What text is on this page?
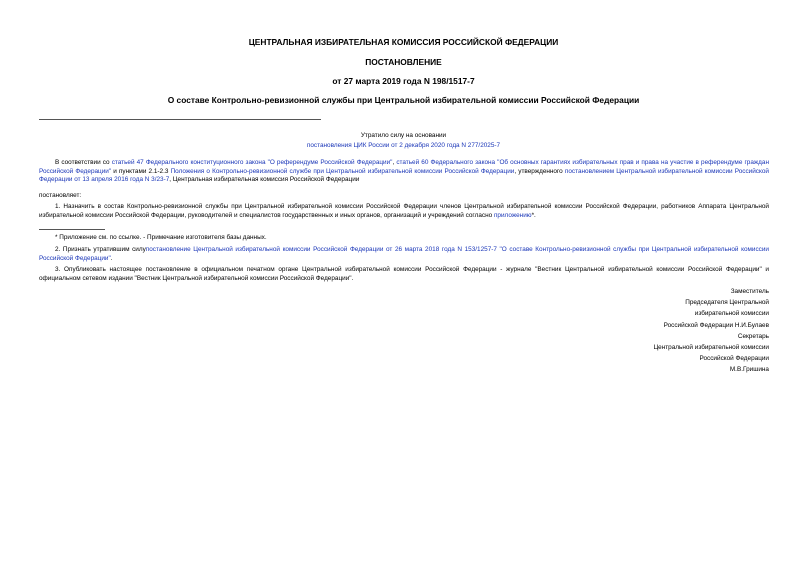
ЦЕНТРАЛЬНАЯ ИЗБИРАТЕЛЬНАЯ КОМИССИЯ РОССИЙСКОЙ ФЕДЕРАЦИИ
ПОСТАНОВЛЕНИЕ
от 27 марта 2019 года N 198/1517-7
О составе Контрольно-ревизионной службы при Центральной избирательной комиссии Российской Федерации
Утратило силу на основании
постановления ЦИК России от 2 декабря 2020 года N 277/2025-7
В соответствии со статьей 47 Федерального конституционного закона "О референдуме Российской Федерации", статьей 60 Федерального закона "Об основных гарантиях избирательных прав и права на участие в референдуме граждан Российской Федерации" и пунктами 2.1-2.3 Положения о Контрольно-ревизионной службе при Центральной избирательной комиссии Российской Федерации, утвержденного постановлением Центральной избирательной комиссии Российской Федерации от 13 апреля 2016 года N 3/23-7, Центральная избирательная комиссия Российской Федерации
постановляет:
1. Назначить в состав Контрольно-ревизионной службы при Центральной избирательной комиссии Российской Федерации членов Центральной избирательной комиссии Российской Федерации, работников Аппарата Центральной избирательной комиссии Российской Федерации, руководителей и специалистов государственных и иных органов, организаций и учреждений согласно приложению*.
* Приложение см. по ссылке. - Примечание изготовителя базы данных.
2. Признать утратившим силупостановление Центральной избирательной комиссии Российской Федерации от 26 марта 2018 года N 153/1257-7 "О составе Контрольно-ревизионной службы при Центральной избирательной комиссии Российской Федерации".
3. Опубликовать настоящее постановление в официальном печатном органе Центральной избирательной комиссии Российской Федерации - журнале "Вестник Центральной избирательной комиссии Российской Федерации" и официальном сетевом издании "Вестник Центральной избирательной комиссии Российской Федерации".
Заместитель
Председателя Центральной
избирательной комиссии
Российской Федерации Н.И.Булаев
Секретарь
Центральной избирательной комиссии
Российской Федерации
М.В.Гришина
